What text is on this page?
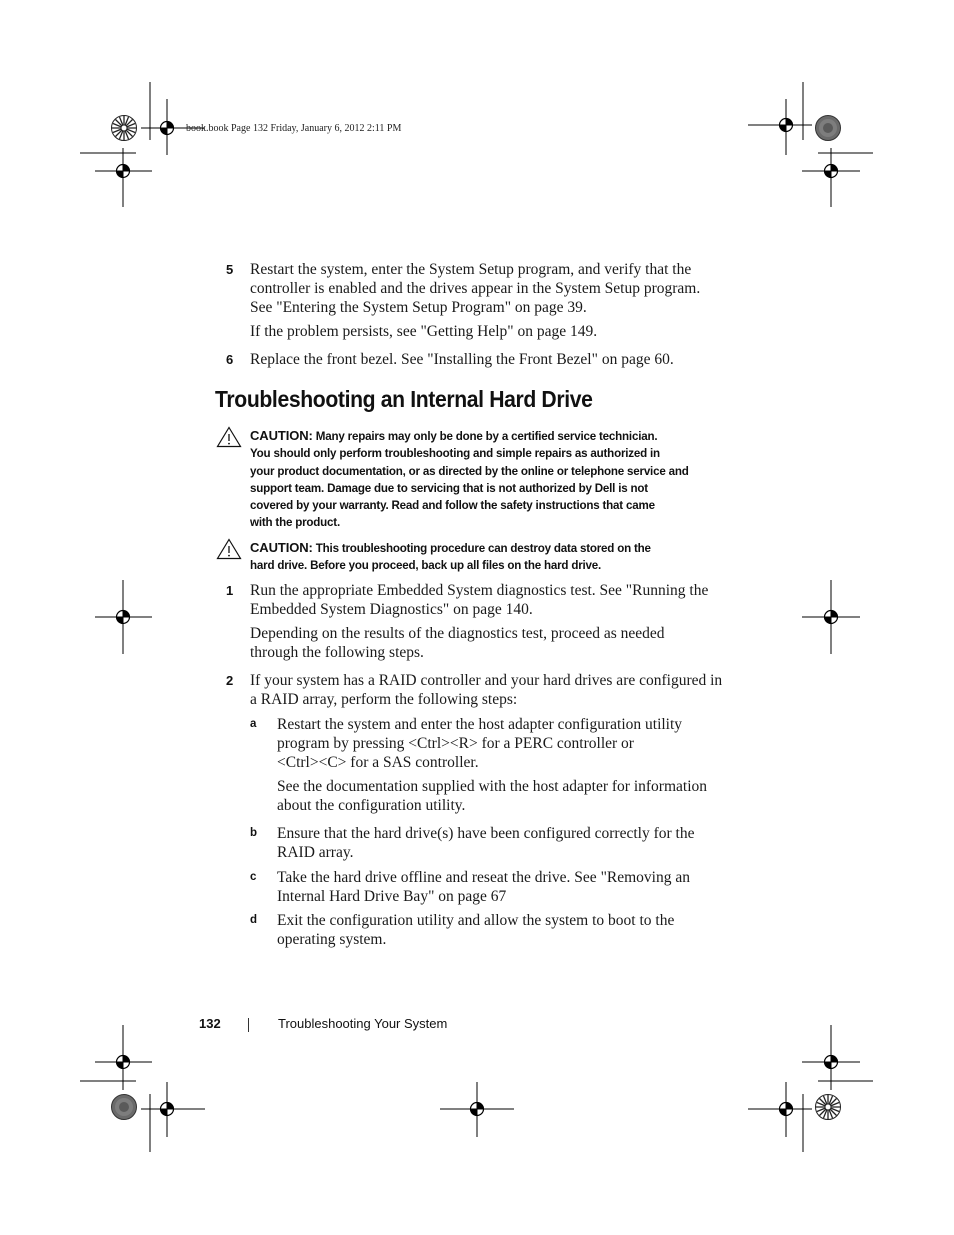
book.book Page 132 Friday, January 6, 2012 2:11 PM
5 Restart the system, enter the System Setup program, and verify that the
controller is enabled and the drives appear in the System Setup program.
See "Entering the System Setup Program" on page 39.
If the problem persists, see "Getting Help" on page 149.
6 Replace the front bezel. See "Installing the Front Bezel" on page 60.
Troubleshooting an Internal Hard Drive
CAUTION: Many repairs may only be done by a certified service technician.
You should only perform troubleshooting and simple repairs as authorized in
your product documentation, or as directed by the online or telephone service and
support team. Damage due to servicing that is not authorized by Dell is not
covered by your warranty. Read and follow the safety instructions that came
with the product.
CAUTION: This troubleshooting procedure can destroy data stored on the
hard drive. Before you proceed, back up all files on the hard drive.
1 Run the appropriate Embedded System diagnostics test. See "Running the
Embedded System Diagnostics" on page 140.
Depending on the results of the diagnostics test, proceed as needed
through the following steps.
2 If your system has a RAID controller and your hard drives are configured in
a RAID array, perform the following steps:
a Restart the system and enter the host adapter configuration utility
program by pressing <Ctrl><R> for a PERC controller or
<Ctrl><C> for a SAS controller.
See the documentation supplied with the host adapter for information
about the configuration utility.
b Ensure that the hard drive(s) have been configured correctly for the
RAID array.
c Take the hard drive offline and reseat the drive. See "Removing an
Internal Hard Drive Bay" on page 67
d Exit the configuration utility and allow the system to boot to the
operating system.
132	Troubleshooting Your System
